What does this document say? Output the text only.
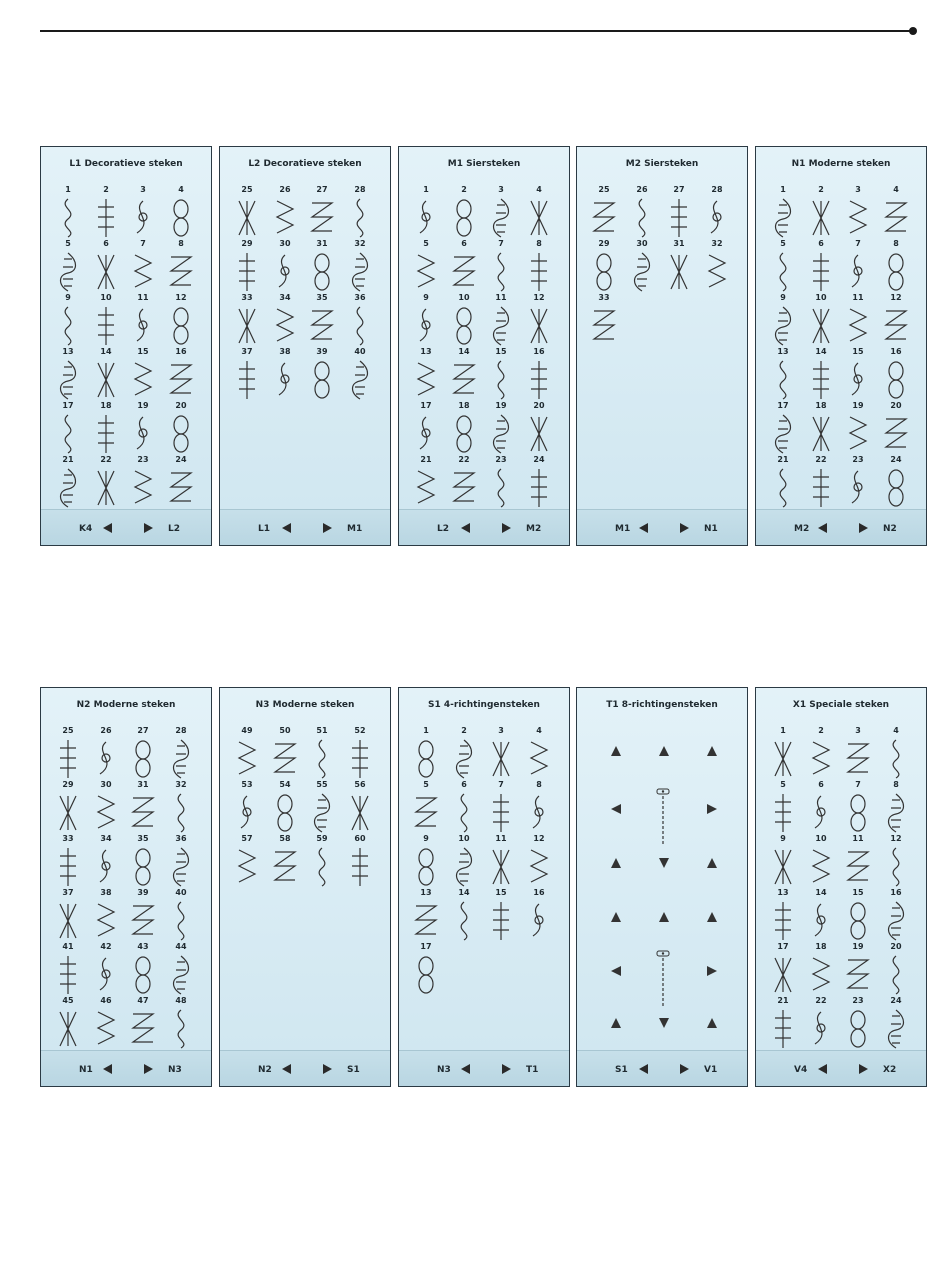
L1 Decoratieve steken
1	2	3	4
5	6	7	8
9	10	11	12
13	14	15	16
17	18	19	20
21	22	23	24
K4	L2
L2 Decoratieve steken
25	26	27	28
29	30	31	32
33	34	35	36
37	38	39	40
L1	M1
M1 Siersteken
1	2	3	4
5	6	7	8
9	10	11	12
13	14	15	16
17	18	19	20
21	22	23	24
L2	M2
M2 Siersteken
25	26	27	28
29	30	31	32
33
M1	N1
N1 Moderne steken
1	2	3	4
5	6	7	8
9	10	11	12
13	14	15	16
17	18	19	20
21	22	23	24
M2	N2
N2 Moderne steken
25	26	27	28
29	30	31	32
33	34	35	36
37	38	39	40
41	42	43	44
45	46	47	48
N1	N3
N3 Moderne steken
49	50	51	52
53	54	55	56
57	58	59	60
N2	S1
S1 4-richtingensteken
1	2	3	4
5	6	7	8
9	10	11	12
13	14	15	16
17
N3	T1
T1 8-richtingensteken
S1	V1
X1 Speciale steken
1	2	3	4
5	6	7	8
9	10	11	12
13	14	15	16
17	18	19	20
21	22	23	24
V4	X2
